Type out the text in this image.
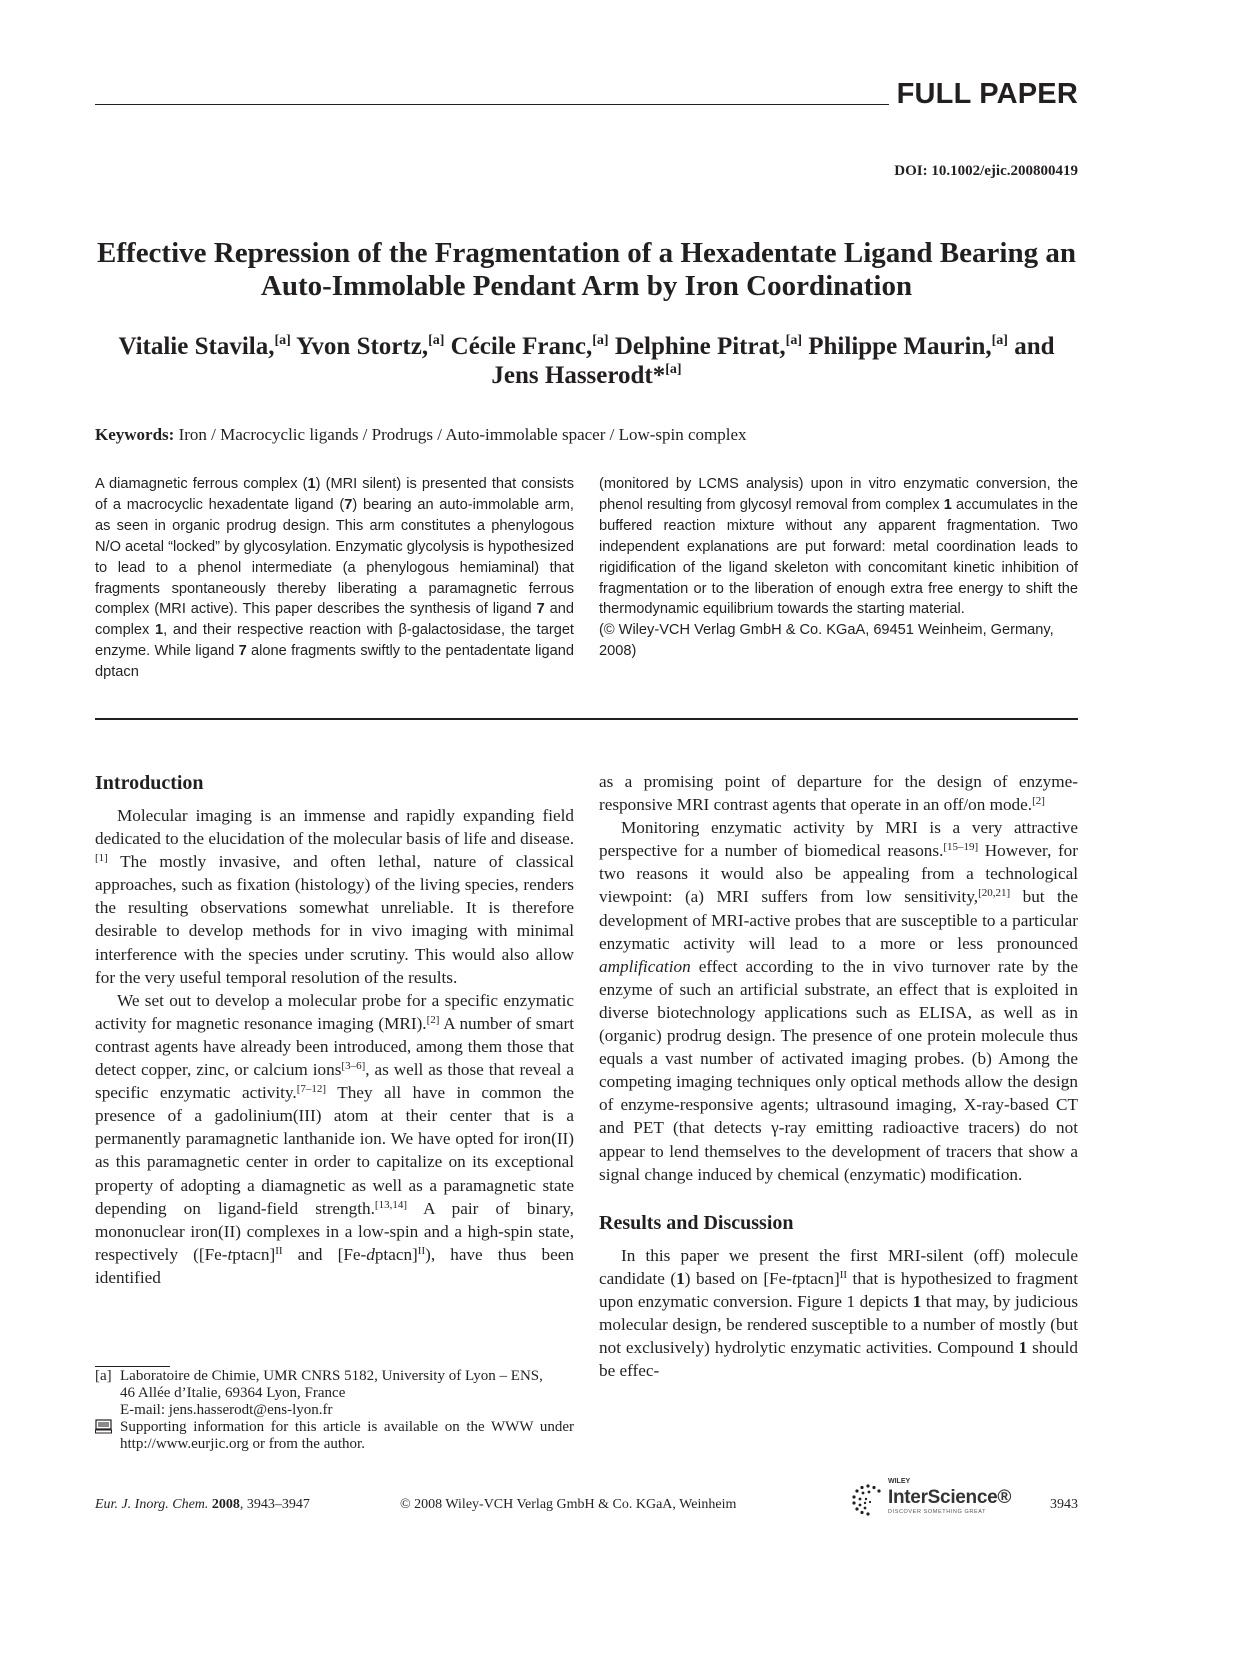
FULL PAPER
DOI: 10.1002/ejic.200800419
Effective Repression of the Fragmentation of a Hexadentate Ligand Bearing an
Auto-Immolable Pendant Arm by Iron Coordination
Vitalie Stavila,[a] Yvon Stortz,[a] Cécile Franc,[a] Delphine Pitrat,[a] Philippe Maurin,[a] and
Jens Hasserodt*[a]
Keywords: Iron / Macrocyclic ligands / Prodrugs / Auto-immolable spacer / Low-spin complex
A diamagnetic ferrous complex (1) (MRI silent) is presented that consists of a macrocyclic hexadentate ligand (7) bearing an auto-immolable arm, as seen in organic prodrug design. This arm constitutes a phenylogous N/O acetal “locked” by glycosylation. Enzymatic glycolysis is hypothesized to lead to a phenol intermediate (a phenylogous hemiaminal) that fragments spontaneously thereby liberating a paramagnetic ferrous complex (MRI active). This paper describes the synthesis of ligand 7 and complex 1, and their respective reaction with β-galactosidase, the target enzyme. While ligand 7 alone fragments swiftly to the pentadentate ligand dptacn
(monitored by LCMS analysis) upon in vitro enzymatic conversion, the phenol resulting from glycosyl removal from complex 1 accumulates in the buffered reaction mixture without any apparent fragmentation. Two independent explanations are put forward: metal coordination leads to rigidification of the ligand skeleton with concomitant kinetic inhibition of fragmentation or to the liberation of enough extra free energy to shift the thermodynamic equilibrium towards the starting material.
(© Wiley-VCH Verlag GmbH & Co. KGaA, 69451 Weinheim, Germany, 2008)
Introduction

Molecular imaging is an immense and rapidly expanding field dedicated to the elucidation of the molecular basis of life and disease.[1] The mostly invasive, and often lethal, nature of classical approaches, such as fixation (histology) of the living species, renders the resulting observations somewhat unreliable. It is therefore desirable to develop methods for in vivo imaging with minimal interference with the species under scrutiny. This would also allow for the very useful temporal resolution of the results.

We set out to develop a molecular probe for a specific enzymatic activity for magnetic resonance imaging (MRI).[2] A number of smart contrast agents have already been introduced, among them those that detect copper, zinc, or calcium ions[3–6], as well as those that reveal a specific enzymatic activity.[7–12] They all have in common the presence of a gadolinium(III) atom at their center that is a permanently paramagnetic lanthanide ion. We have opted for iron(II) as this paramagnetic center in order to capitalize on its exceptional property of adopting a diamagnetic as well as a paramagnetic state depending on ligand-field strength.[13,14] A pair of binary, mononuclear iron(II) complexes in a low-spin and a high-spin state, respectively ([Fe-tptacn]$^{II}$ and [Fe-dptacn]$^{II}$), have thus been identified

as a promising point of departure for the design of enzyme-responsive MRI contrast agents that operate in an off/on mode.[2]

Monitoring enzymatic activity by MRI is a very attractive perspective for a number of biomedical reasons.[15–19] However, for two reasons it would also be appealing from a technological viewpoint: (a) MRI suffers from low sensitivity,[20,21] but the development of MRI-active probes that are susceptible to a particular enzymatic activity will lead to a more or less pronounced amplification effect according to the in vivo turnover rate by the enzyme of such an artificial substrate, an effect that is exploited in diverse biotechnology applications such as ELISA, as well as in (organic) prodrug design. The presence of one protein molecule thus equals a vast number of activated imaging probes. (b) Among the competing imaging techniques only optical methods allow the design of enzyme-responsive agents; ultrasound imaging, X-ray-based CT and PET (that detects γ-ray emitting radioactive tracers) do not appear to lend themselves to the development of tracers that show a signal change induced by chemical (enzymatic) modification.

Results and Discussion

In this paper we present the first MRI-silent (off) molecule candidate (1) based on [Fe-tptacn]$^{II}$ that is hypothesized to fragment upon enzymatic conversion. Figure 1 depicts 1 that may, by judicious molecular design, be rendered susceptible to a number of mostly (but not exclusively) hydrolytic enzymatic activities. Compound 1 should be effec-

[a] Laboratoire de Chimie, UMR CNRS 5182, University of Lyon – ENS,
46 Allée d’Italie, 69364 Lyon, France
E-mail: jens.hasserodt@ens-lyon.fr
Supporting information for this article is available on the WWW under http://www.eurjic.org or from the author.
Eur. J. Inorg. Chem. 2008, 3943–3947	© 2008 Wiley-VCH Verlag GmbH & Co. KGaA, Weinheim
WILEY
InterScience®
DISCOVER SOMETHING GREAT	3943
